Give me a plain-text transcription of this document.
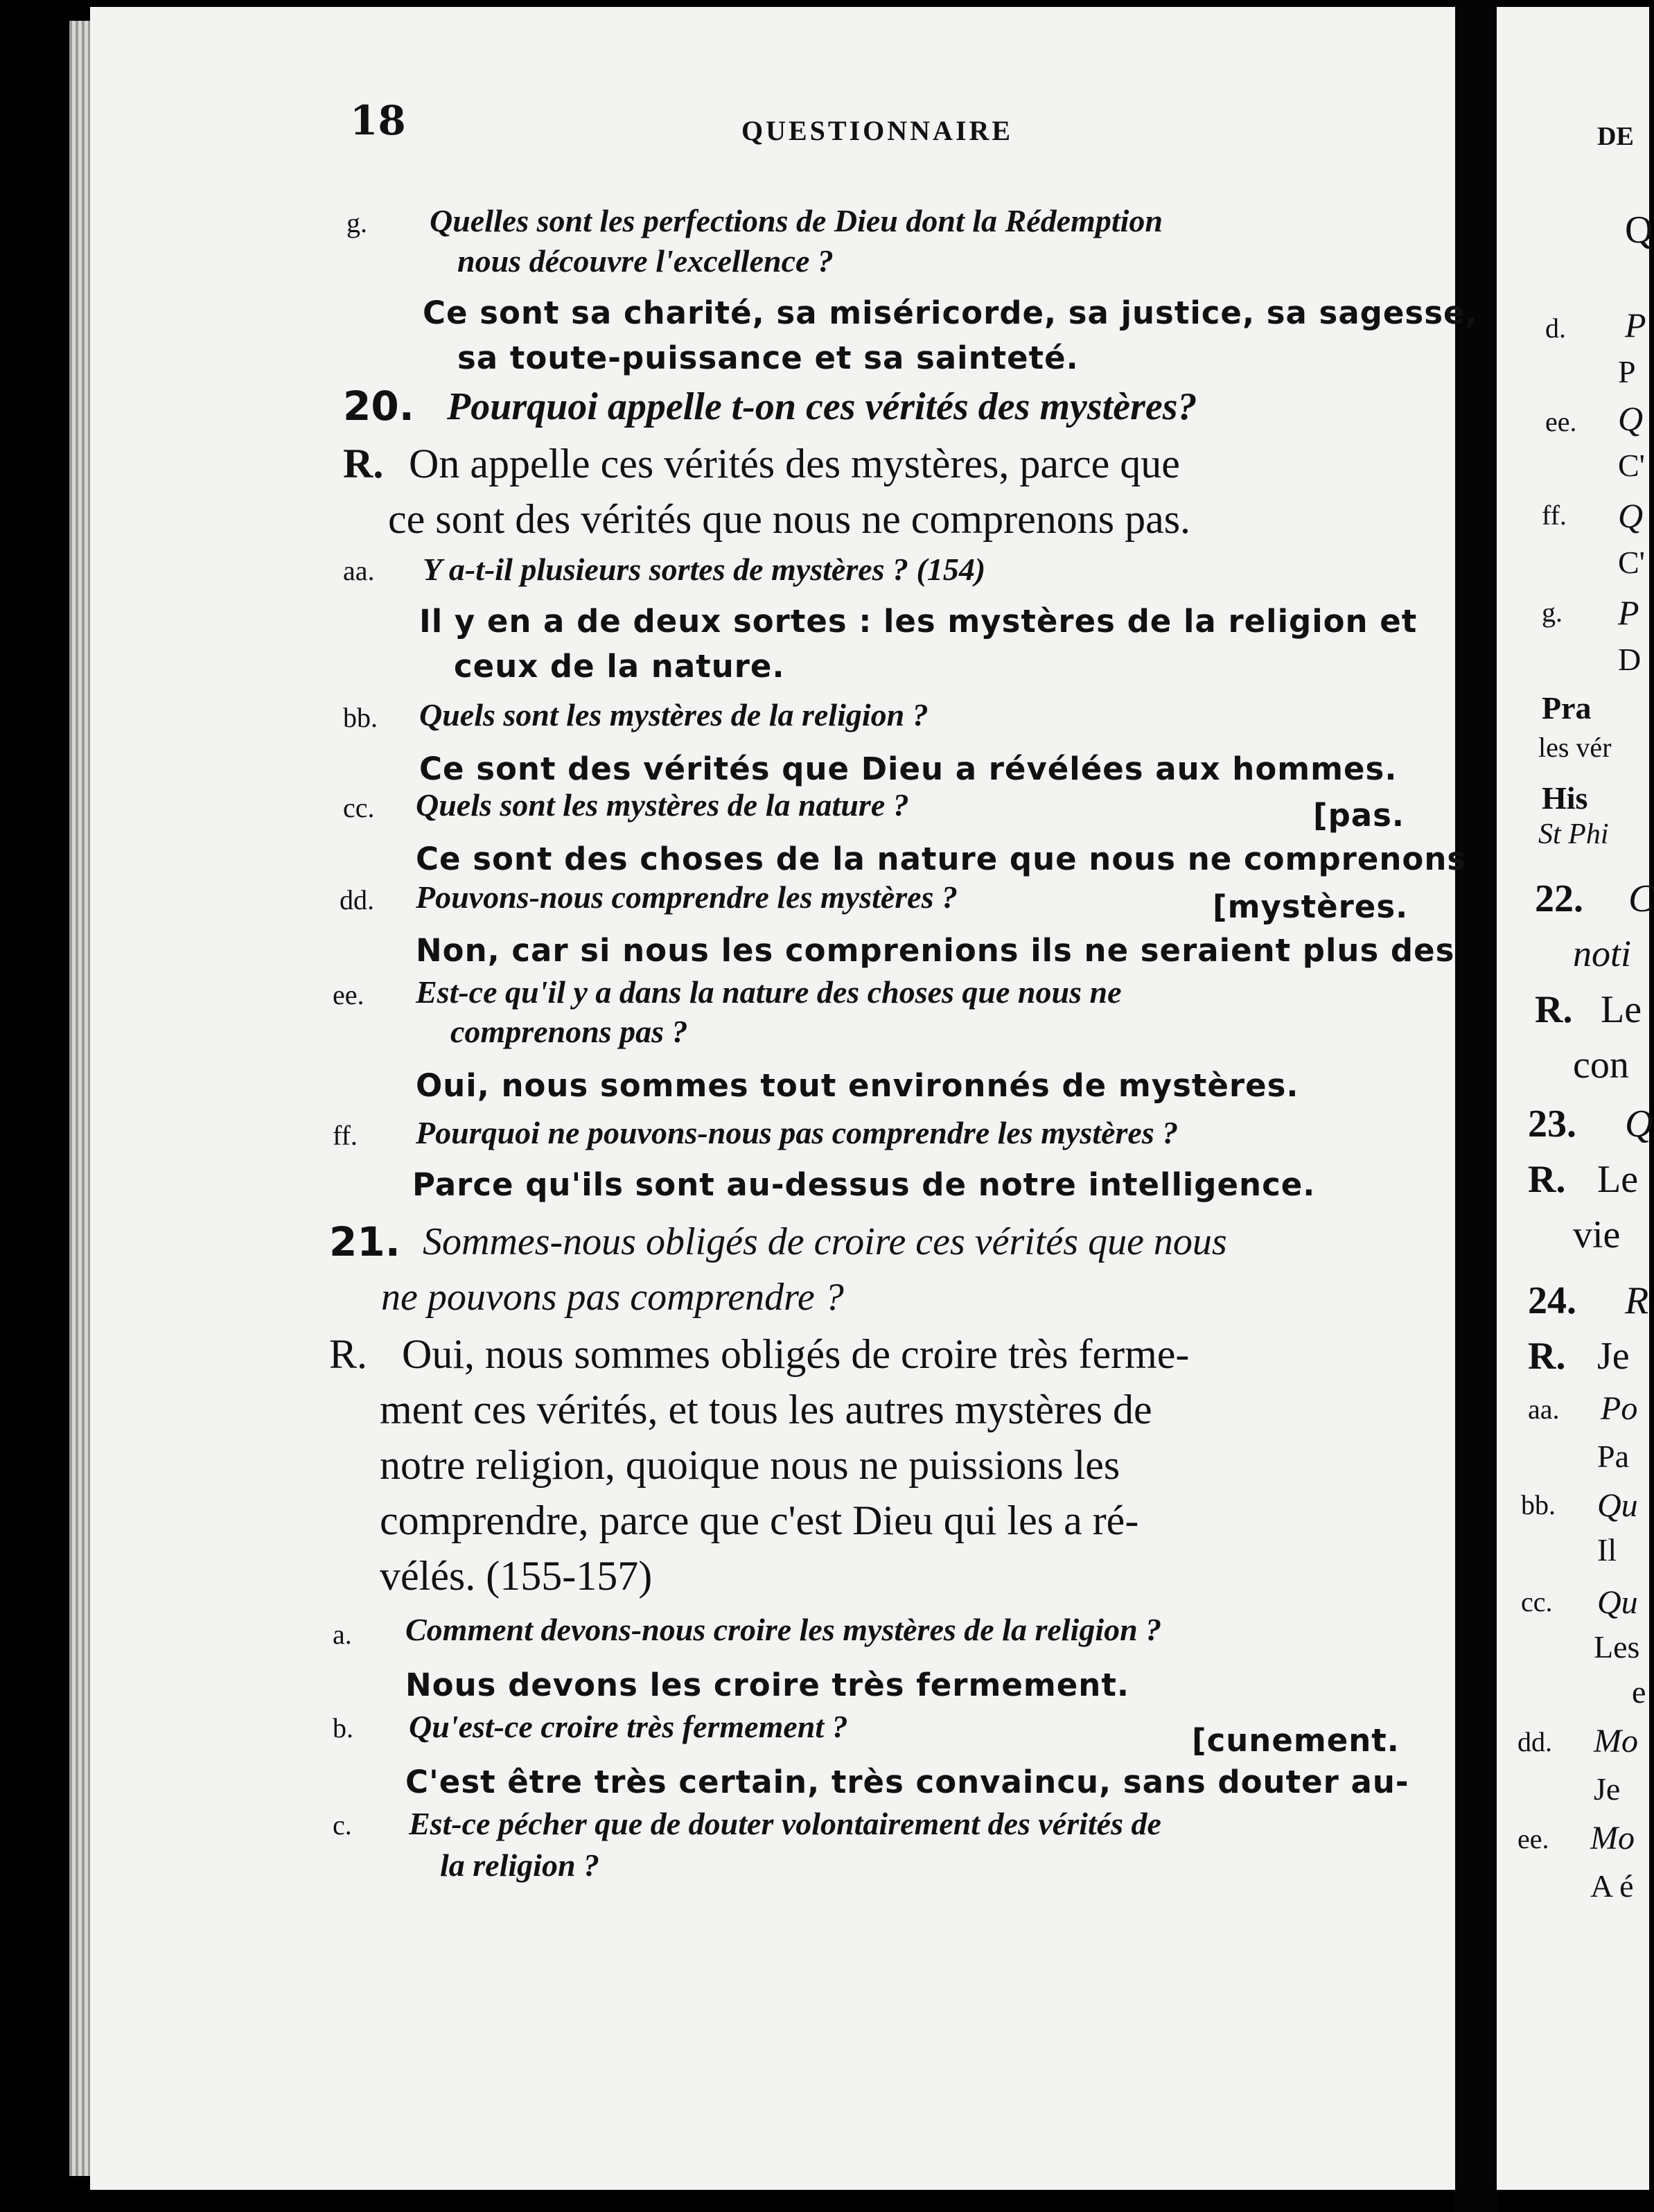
18	QUESTIONNAIRE
g. Quelles sont les perfections de Dieu dont la Rédemption
nous découvre l'excellence ?
Ce sont sa charité, sa miséricorde, sa justice, sa sagesse,
sa toute-puissance et sa sainteté.
20. Pourquoi appelle t-on ces vérités des mystères?
R. On appelle ces vérités des mystères, parce que
ce sont des vérités que nous ne comprenons pas.
aa. Y a-t-il plusieurs sortes de mystères ? (154)
Il y en a de deux sortes : les mystères de la religion et
ceux de la nature.
bb. Quels sont les mystères de la religion ?
Ce sont des vérités que Dieu a révélées aux hommes.
cc. Quels sont les mystères de la nature ?	[pas.
Ce sont des choses de la nature que nous ne comprenons
dd. Pouvons-nous comprendre les mystères ?	[mystères.
Non, car si nous les comprenions ils ne seraient plus des
ee. Est-ce qu'il y a dans la nature des choses que nous ne
comprenons pas ?
Oui, nous sommes tout environnés de mystères.
ff. Pourquoi ne pouvons-nous pas comprendre les mystères ?
Parce qu'ils sont au-dessus de notre intelligence.
21. Sommes-nous obligés de croire ces vérités que nous
ne pouvons pas comprendre ?
R. Oui, nous sommes obligés de croire très ferme-
ment ces vérités, et tous les autres mystères de
notre religion, quoique nous ne puissions les
comprendre, parce que c'est Dieu qui les a ré-
vélés. (155-157)
a. Comment devons-nous croire les mystères de la religion ?
Nous devons les croire très fermement.
b. Qu'est-ce croire très fermement ?	[cunement.
C'est être très certain, très convaincu, sans douter au-
c. Est-ce pécher que de douter volontairement des vérités de
la religion ?
DE
Q
d. P
P
ee. Q
C'
ff. Q
C'
g. P
D
Pra
les vér
His
St Phi
22. C
noti
R. Le
con
23. Q
R. Le
vie
24. R
R. Je
aa. Po
Pa
bb. Qu
Il
cc. Qu
Les
e
dd. Mo
Je
ee. Mo
A é
